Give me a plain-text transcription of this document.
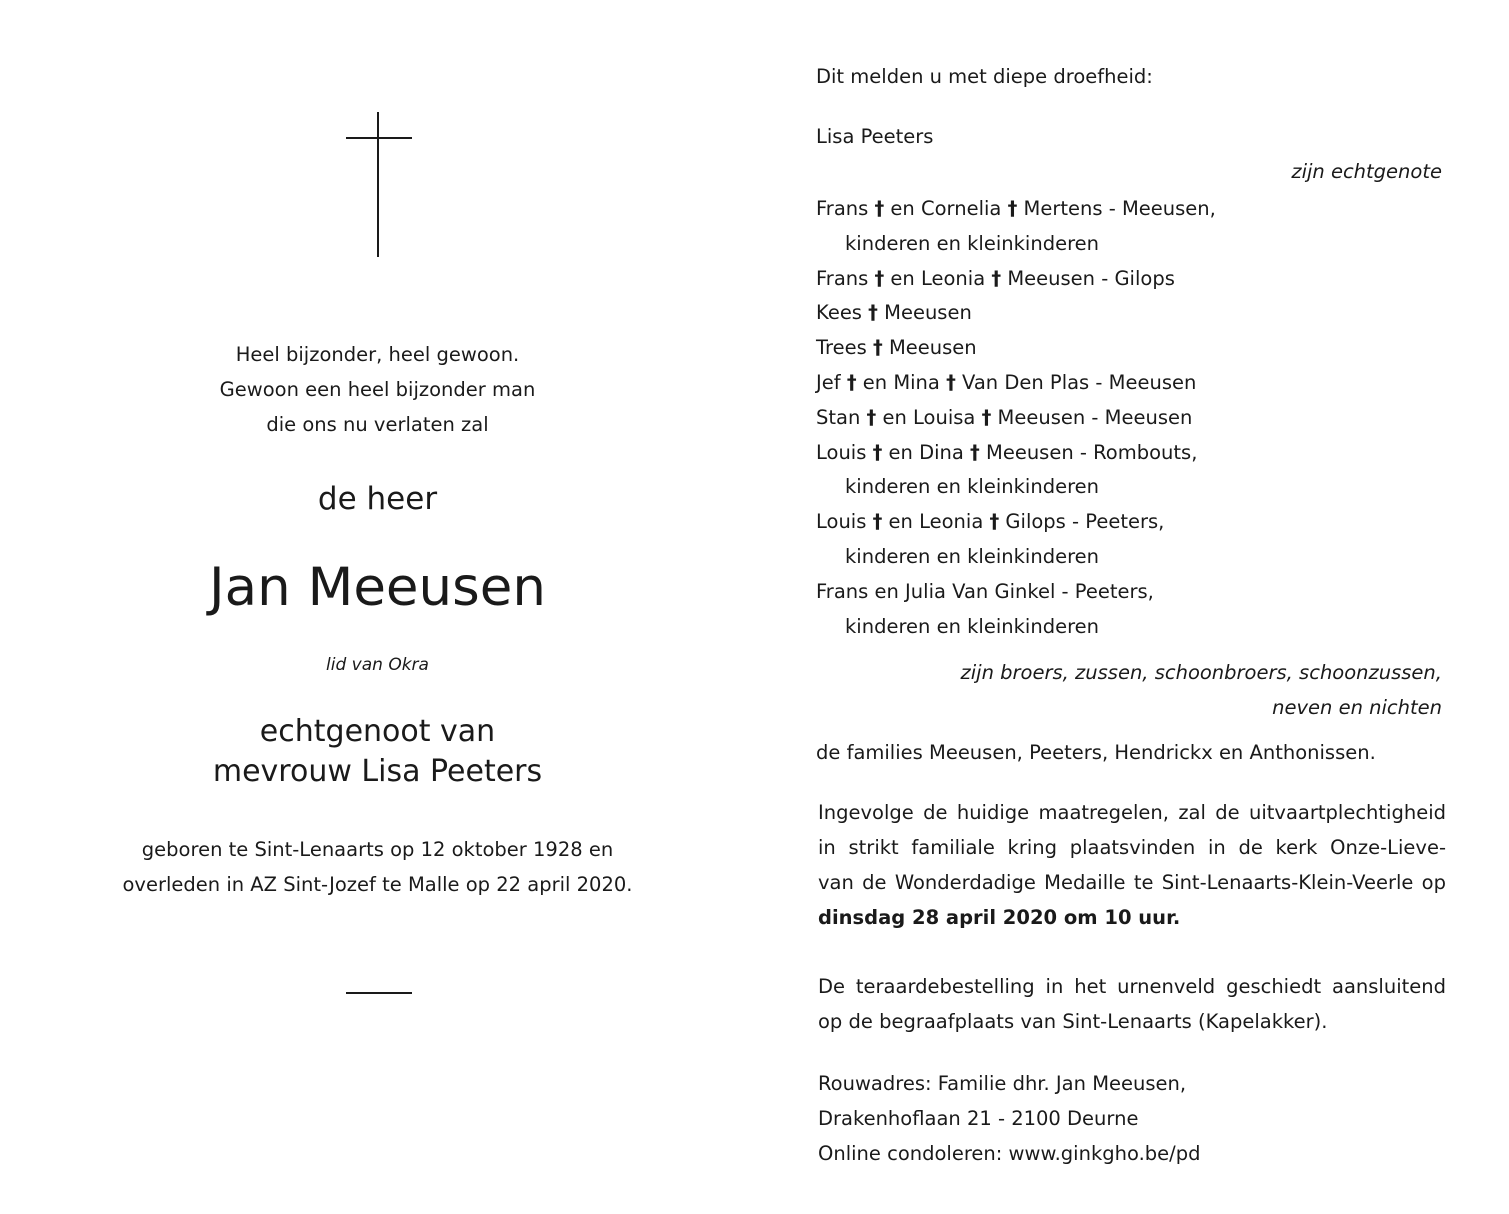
Heel bijzonder, heel gewoon.
Gewoon een heel bijzonder man
die ons nu verlaten zal
de heer
Jan Meeusen
lid van Okra
echtgenoot van
mevrouw Lisa Peeters
geboren te Sint-Lenaarts op 12 oktober 1928 en
overleden in AZ Sint-Jozef te Malle op 22 april 2020.
Dit melden u met diepe droefheid:
Lisa Peeters
zijn echtgenote
Frans † en Cornelia † Mertens - Meeusen,
kinderen en kleinkinderen
Frans † en Leonia † Meeusen - Gilops
Kees † Meeusen
Trees † Meeusen
Jef † en Mina † Van Den Plas - Meeusen
Stan † en Louisa † Meeusen - Meeusen
Louis † en Dina † Meeusen - Rombouts,
kinderen en kleinkinderen
Louis † en Leonia † Gilops - Peeters,
kinderen en kleinkinderen
Frans en Julia Van Ginkel - Peeters,
kinderen en kleinkinderen
zijn broers, zussen, schoonbroers, schoonzussen,
neven en nichten
de families Meeusen, Peeters, Hendrickx en Anthonissen.
Ingevolge de huidige maatregelen, zal de uitvaartplechtigheid
in strikt familiale kring plaatsvinden in de kerk Onze-Lieve-
van de Wonderdadige Medaille te Sint-Lenaarts-Klein-Veerle op
dinsdag 28 april 2020 om 10 uur.
De teraardebestelling in het urnenveld geschiedt aansluitend
op de begraafplaats van Sint-Lenaarts (Kapelakker).
Rouwadres: Familie dhr. Jan Meeusen,
Drakenhoflaan 21 - 2100 Deurne
Online condoleren: www.ginkgho.be/pd
